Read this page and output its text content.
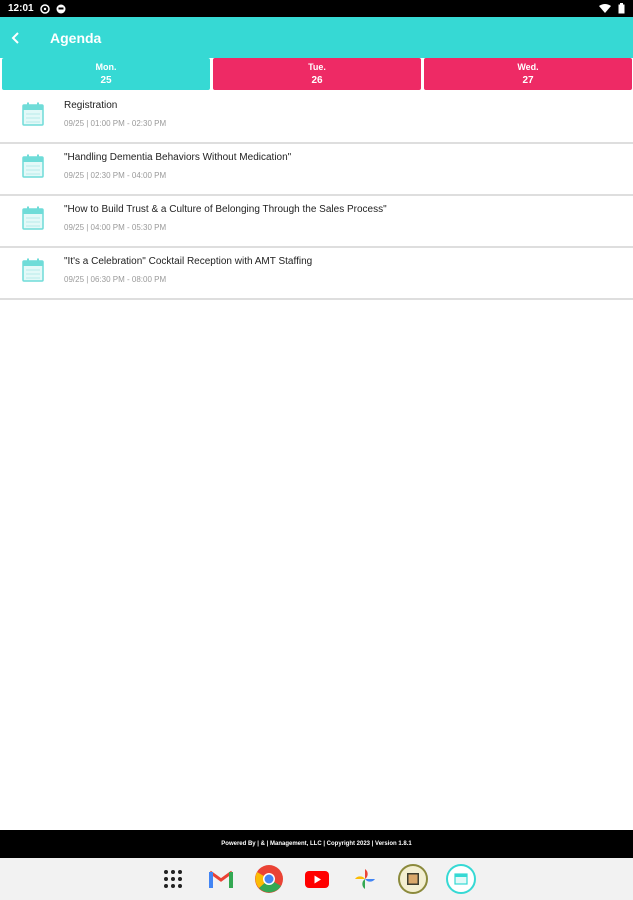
12:01
Agenda
Mon.
25
Tue.
26
Wed.
27
Registration
09/25 | 01:00 PM - 02:30 PM
"Handling Dementia Behaviors Without Medication"
09/25 | 02:30 PM - 04:00 PM
"How to Build Trust & a Culture of Belonging Through the Sales Process"
09/25 | 04:00 PM - 05:30 PM
"It's a Celebration" Cocktail Reception with AMT Staffing
09/25 | 06:30 PM - 08:00 PM
Powered By | & | Management, LLC | Copyright 2023 | Version 1.8.1
